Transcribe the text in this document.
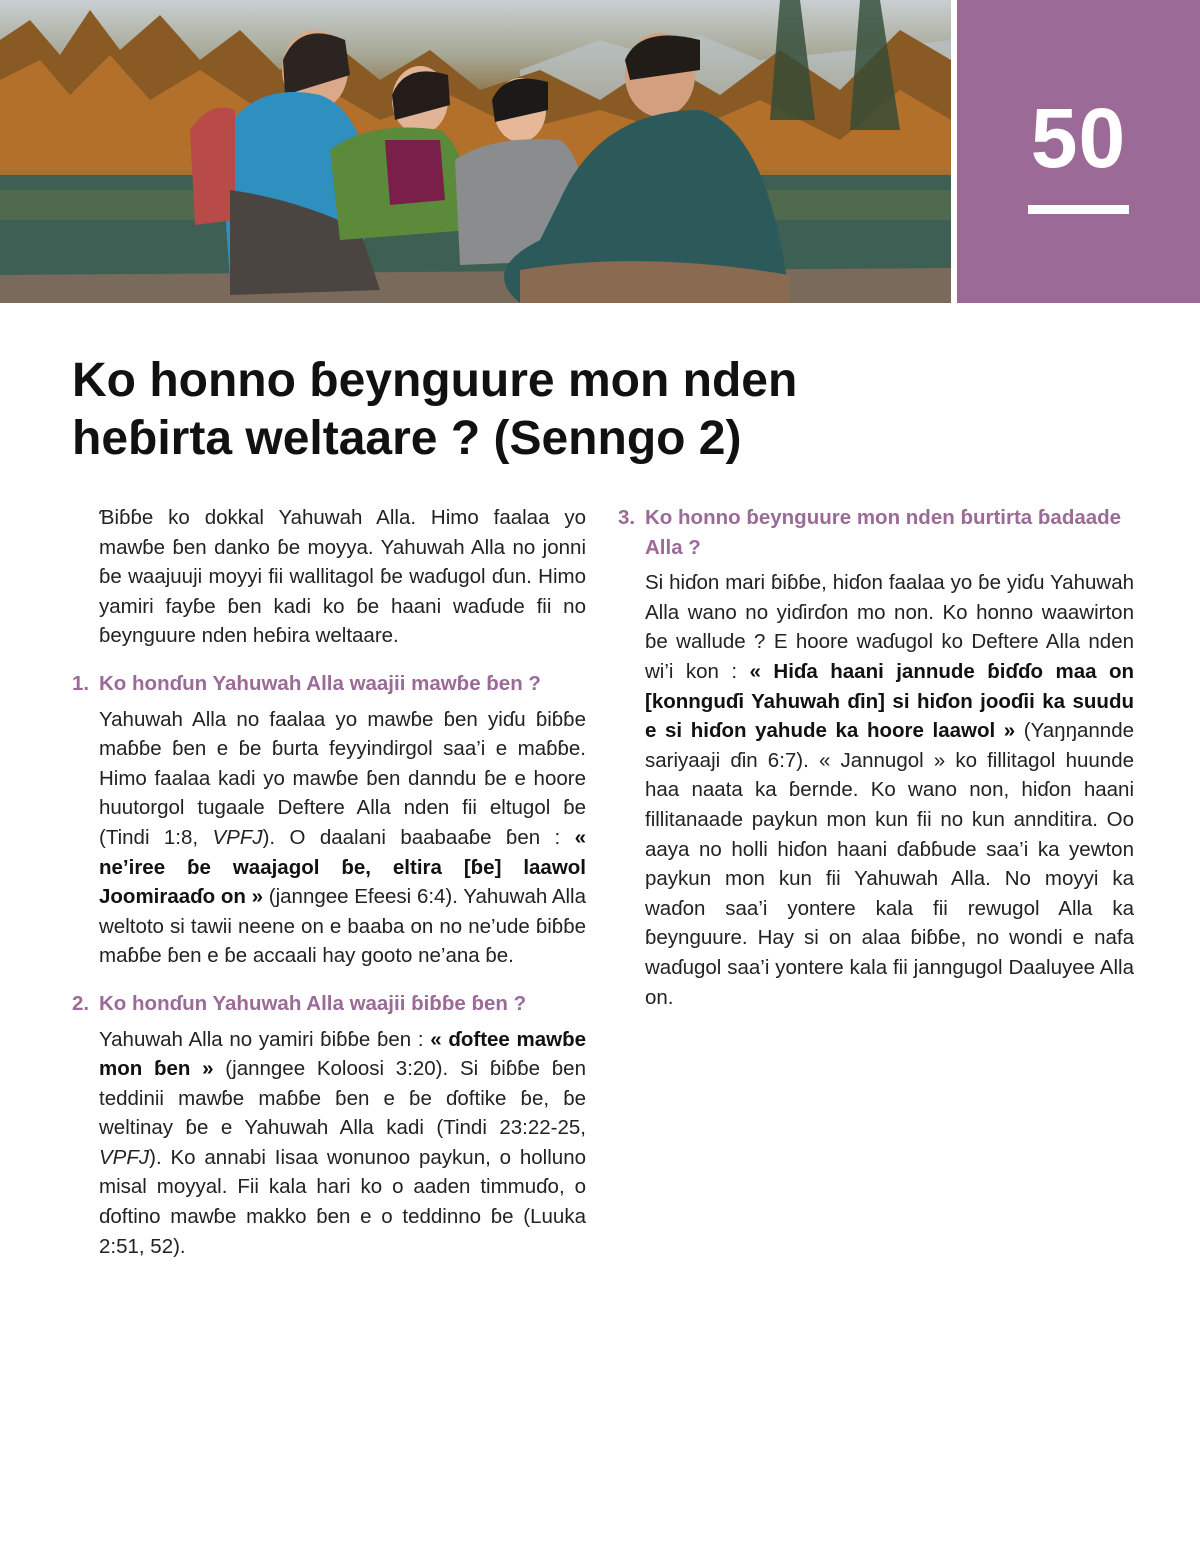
50
Ko honno ɓeynguure mon nden heɓirta weltaare ? (Senngo 2)

Ɓiɓɓe ko dokkal Yahuwah Alla. Himo faalaa yo mawɓe ɓen danko ɓe moyya. Yahuwah Alla no jonni ɓe waajuuji moyyi fii wallitagol ɓe waɗugol ɗun. Himo yamiri fayɓe ɓen kadi ko ɓe haani waɗude fii no ɓeynguure nden heɓira weltaare.

1. Ko honɗun Yahuwah Alla waajii mawɓe ɓen ?

Yahuwah Alla no faalaa yo mawɓe ɓen yiɗu ɓiɓɓe maɓɓe ɓen e ɓe ɓurta feyyindirgol saa’i e maɓɓe. Himo faalaa kadi yo mawɓe ɓen danndu ɓe e hoore huutorgol tugaale Deftere Alla nden fii eltugol ɓe (Tindi 1:8, VPFJ). O daalani baabaaɓe ɓen : « ne’iree ɓe waajagol ɓe, eltira [ɓe] laawol Joomiraaɗo on » (janngee Efeesi 6:4). Yahuwah Alla weltoto si tawii neene on e baaba on no ne’ude ɓiɓɓe maɓɓe ɓen e ɓe accaali hay gooto ne’ana ɓe.

2. Ko honɗun Yahuwah Alla waajii ɓiɓɓe ɓen ?

Yahuwah Alla no yamiri ɓiɓɓe ɓen : « ɗoftee mawɓe mon ɓen » (janngee Koloosi 3:20). Si ɓiɓɓe ɓen teddinii mawɓe maɓɓe ɓen e ɓe ɗoftike ɓe, ɓe weltinay ɓe e Yahuwah Alla kadi (Tindi 23:22-25, VPFJ). Ko annabi Iisaa wonunoo paykun, o holluno misal moyyal. Fii kala hari ko o aaden timmuɗo, o ɗoftino mawɓe makko ɓen e o teddinno ɓe (Luuka 2:51, 52).

3. Ko honno ɓeynguure mon nden ɓurtirta ɓadaade Alla ?

Si hiɗon mari ɓiɓɓe, hiɗon faalaa yo ɓe yiɗu Yahuwah Alla wano no yiɗirɗon mo non. Ko honno waawirton ɓe wallude ? E hoore waɗugol ko Deftere Alla nden wi’i kon : « Hiɗa haani jannude ɓiɗɗo maa on [konnguɗi Yahuwah ɗin] si hiɗon jooɗii ka suudu e si hiɗon yahude ka hoore laawol » (Yaŋŋannde sariyaaji ɗin 6:7). « Jannugol » ko fillitagol huunde haa naata ka ɓernde. Ko wano non, hiɗon haani fillitanaade paykun mon kun fii no kun annditira. Oo aaya no holli hiɗon haani ɗaɓɓude saa’i ka yewton paykun mon kun fii Yahuwah Alla. No moyyi ka waɗon saa’i yontere kala fii rewugol Alla ka ɓeynguure. Hay si on alaa ɓiɓɓe, no wondi e nafa waɗugol saa’i yontere kala fii janngugol Daaluyee Alla on.
